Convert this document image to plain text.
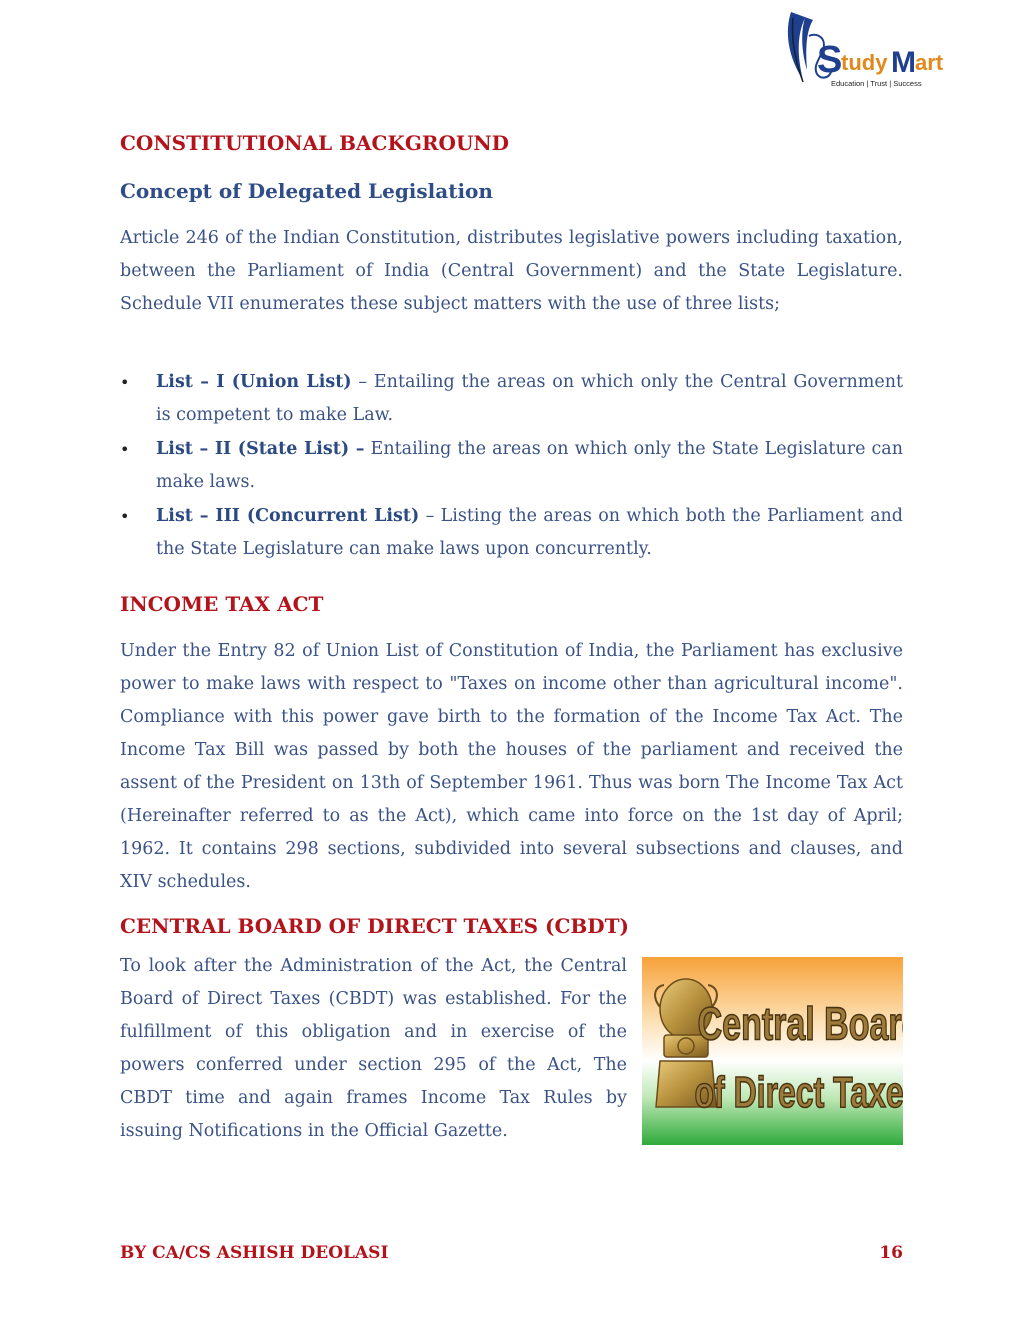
S
tudy M art
Education | Trust | Success
CONSTITUTIONAL BACKGROUND
Concept of Delegated Legislation

Article 246 of the Indian Constitution, distributes legislative powers including taxation, between the Parliament of India (Central Government) and the State Legislature. Schedule VII enumerates these subject matters with the use of three lists;

• List – I (Union List) – Entailing the areas on which only the Central Government is competent to make Law.
• List – II (State List) – Entailing the areas on which only the State Legislature can make laws.
• List – III (Concurrent List) – Listing the areas on which both the Parliament and the State Legislature can make laws upon concurrently.
INCOME TAX ACT

Under the Entry 82 of Union List of Constitution of India, the Parliament has exclusive power to make laws with respect to "Taxes on income other than agricultural income". Compliance with this power gave birth to the formation of the Income Tax Act. The Income Tax Bill was passed by both the houses of the parliament and received the assent of the President on 13th of September 1961. Thus was born The Income Tax Act (Hereinafter referred to as the Act), which came into force on the 1st day of April; 1962. It contains 298 sections, subdivided into several subsections and clauses, and XIV schedules.

CENTRAL BOARD OF DIRECT TAXES (CBDT)

To look after the Administration of the Act, the Central Board of Direct Taxes (CBDT) was established. For the fulfillment of this obligation and in exercise of the powers conferred under section 295 of the Act, The CBDT time and again frames Income Tax Rules by issuing Notifications in the Official Gazette.

Central Board
of Direct Taxes
BY CA/CS ASHISH DEOLASI	16
